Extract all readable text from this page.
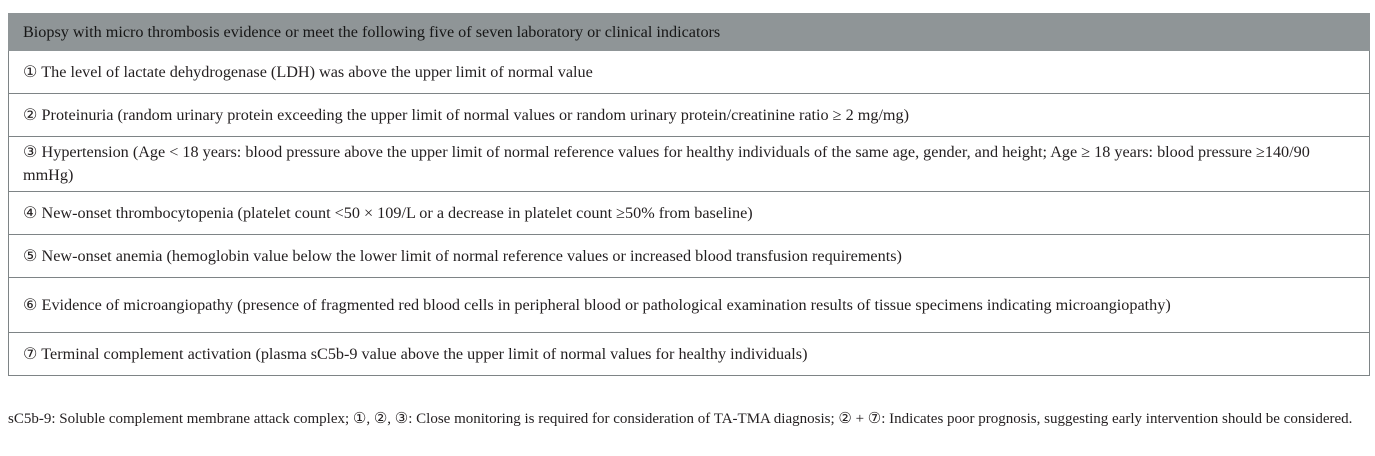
Biopsy with micro thrombosis evidence or meet the following five of seven laboratory or clinical indicators
① The level of lactate dehydrogenase (LDH) was above the upper limit of normal value
② Proteinuria (random urinary protein exceeding the upper limit of normal values or random urinary protein/creatinine ratio ≥ 2 mg/mg)
③ Hypertension (Age < 18 years: blood pressure above the upper limit of normal reference values for healthy individuals of the same age, gender, and height; Age ≥ 18 years: blood pressure ≥140/90 mmHg)
④ New-onset thrombocytopenia (platelet count <50 × 109/L or a decrease in platelet count ≥50% from baseline)
⑤ New-onset anemia (hemoglobin value below the lower limit of normal reference values or increased blood transfusion requirements)
⑥ Evidence of microangiopathy (presence of fragmented red blood cells in peripheral blood or pathological examination results of tissue specimens indicating microangiopathy)
⑦ Terminal complement activation (plasma sC5b-9 value above the upper limit of normal values for healthy individuals)
sC5b-9: Soluble complement membrane attack complex; ①, ②, ③: Close monitoring is required for consideration of TA-TMA diagnosis; ② + ⑦: Indicates poor prognosis, suggesting early intervention should be considered.
